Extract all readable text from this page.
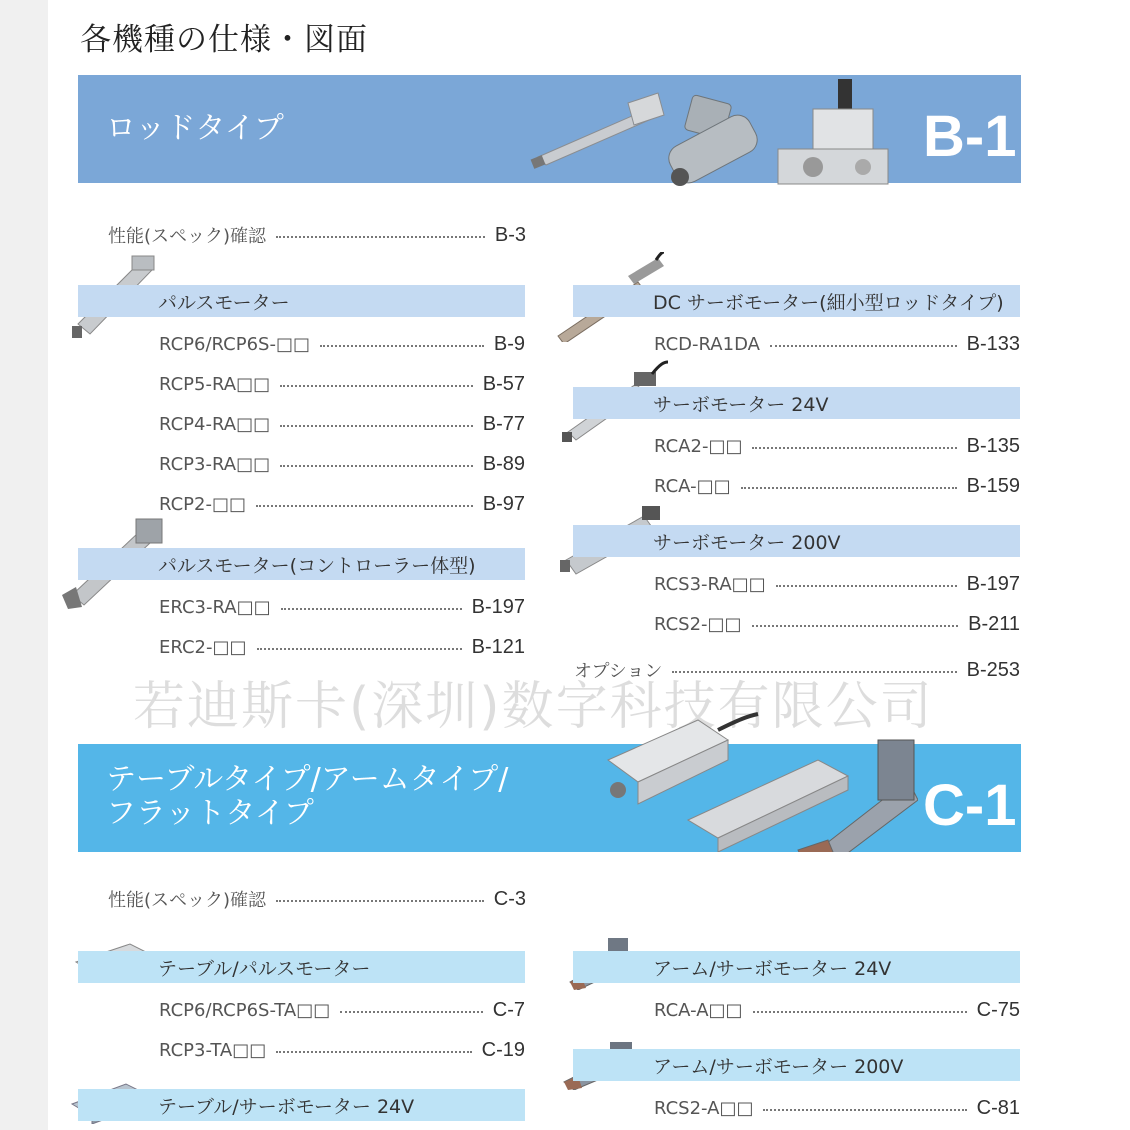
各機種の仕様・図面
ロッドタイプ	B-1
性能(スペック)確認	B-3
パルスモーター
RCP6/RCP6S-□□	B-9
RCP5-RA□□	B-57
RCP4-RA□□	B-77
RCP3-RA□□	B-89
RCP2-□□	B-97
パルスモーター(コントローラー体型)
ERC3-RA□□	B-197
ERC2-□□	B-121
DC サーボモーター(細小型ロッドタイプ)
RCD-RA1DA	B-133
サーボモーター 24V
RCA2-□□	B-135
RCA-□□	B-159
サーボモーター 200V
RCS3-RA□□	B-197
RCS2-□□	B-211
オプション	B-253
若迪斯卡(深圳)数字科技有限公司
テーブルタイプ/アームタイプ/
フラットタイプ	C-1
性能(スペック)確認	C-3
テーブル/パルスモーター
RCP6/RCP6S-TA□□	C-7
RCP3-TA□□	C-19
テーブル/サーボモーター 24V
アーム/サーボモーター 24V
RCA-A□□	C-75
アーム/サーボモーター 200V
RCS2-A□□	C-81
